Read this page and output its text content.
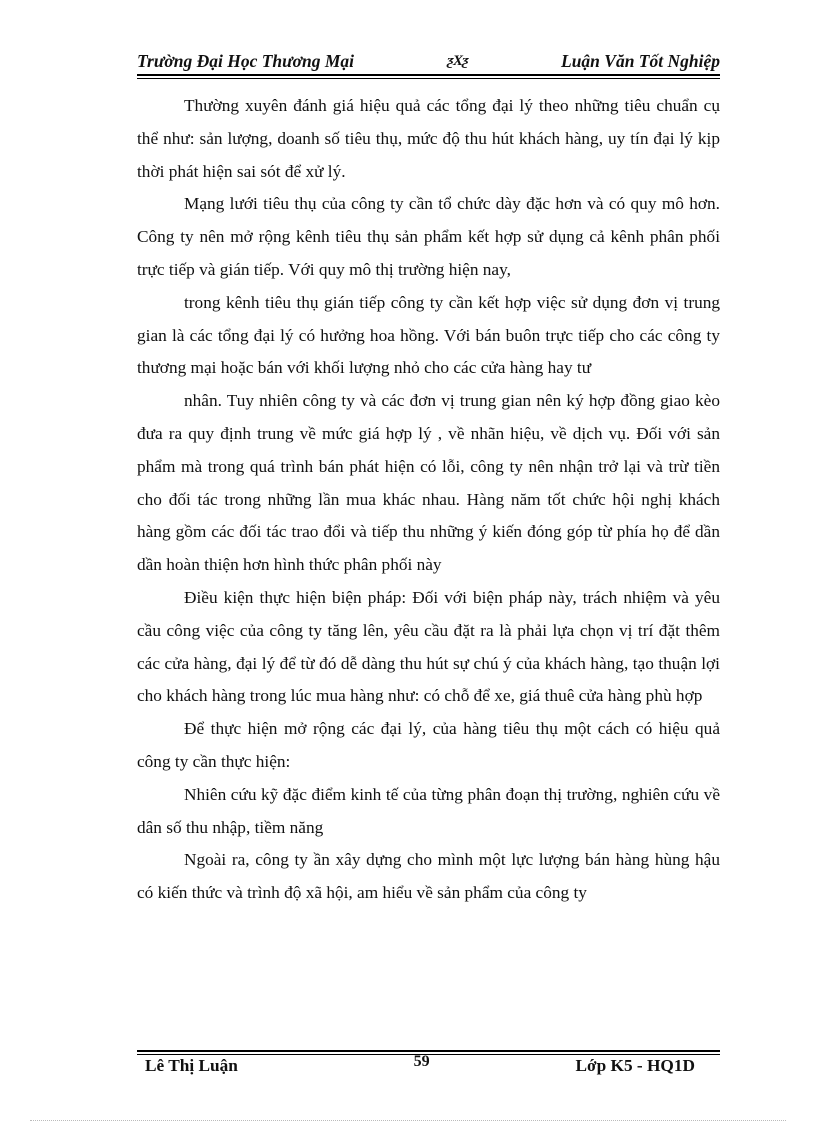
Trường Đại Học Thương Mại	ƺXƺ	Luận Văn Tốt Nghiệp

Thường xuyên đánh giá hiệu quả các tổng đại lý theo những tiêu chuẩn cụ thể như: sản lượng, doanh số tiêu thụ, mức độ thu hút khách hàng, uy tín đại lý kịp thời phát hiện sai sót để xử lý.

Mạng lưới tiêu thụ của công ty cần tổ chức dày đặc hơn và có quy mô hơn. Công ty nên mở rộng kênh tiêu thụ sản phẩm kết hợp sử dụng cả kênh phân phối trực tiếp và gián tiếp. Với quy mô thị trường hiện nay,

trong kênh tiêu thụ gián tiếp công ty cần kết hợp việc sử dụng đơn vị trung gian là các tổng đại lý có hưởng hoa hồng. Với bán buôn trực tiếp cho các công ty thương mại hoặc bán với khối lượng nhỏ cho các cửa hàng hay tư

nhân. Tuy nhiên công ty và các đơn vị trung gian nên ký hợp đồng giao kèo đưa ra quy định trung về mức giá hợp lý , về nhãn hiệu, về dịch vụ. Đối với sản phẩm mà trong quá trình bán phát hiện có lỗi, công ty nên nhận trở lại và trừ tiền cho đối tác trong những lần mua khác nhau. Hàng năm tốt chức hội nghị khách hàng gồm các đối tác trao đổi và tiếp thu những ý kiến đóng góp từ phía họ để dần dần hoàn thiện hơn hình thức phân phối này

Điều kiện thực hiện biện pháp: Đối với biện pháp này, trách nhiệm và yêu cầu công việc của công ty tăng lên, yêu cầu đặt ra là phải lựa chọn vị trí đặt thêm các cửa hàng, đại lý để từ đó dễ dàng thu hút sự chú ý của khách hàng, tạo thuận lợi cho khách hàng trong lúc mua hàng như: có chỗ để xe, giá thuê cửa hàng phù hợp

Để thực hiện mở rộng các đại lý, của hàng tiêu thụ một cách có hiệu quả công ty cần thực hiện:

Nhiên cứu kỹ đặc điểm kinh tế của từng phân đoạn thị trường, nghiên cứu về dân số thu nhập, tiềm năng

Ngoài ra, công ty ần xây dựng cho mình một lực lượng bán hàng hùng hậu có kiến thức và trình độ xã hội, am hiểu về sản phẩm của công ty

Lê Thị Luận	59	Lớp K5 - HQ1D
